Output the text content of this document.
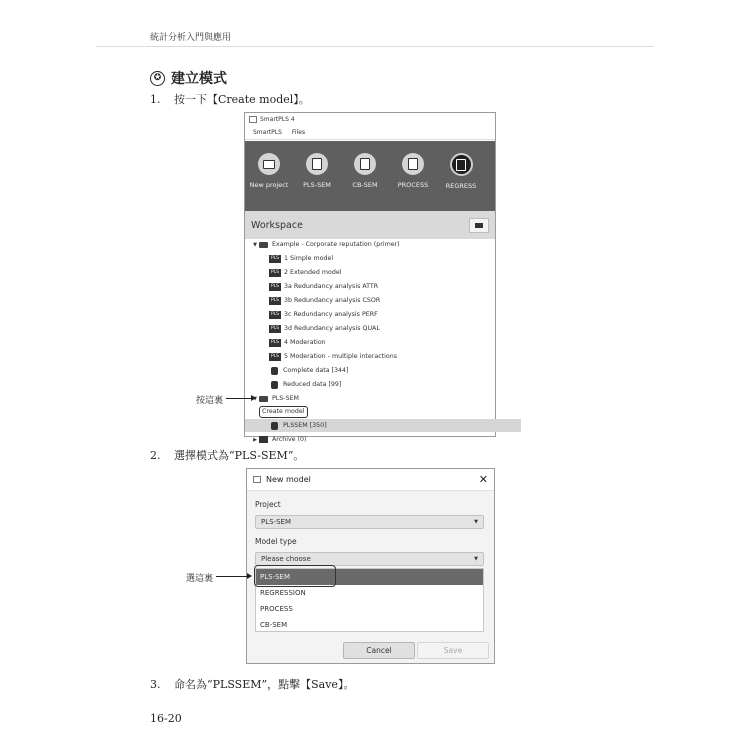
統計分析入門與應用
✪ 建立模式
1. 按一下【Create model】。
SmartPLS 4
SmartPLS Files
New project PLS-SEM	CB-SEM	PROCESS	REGRESS
Workspace
▼	Example - Corporate reputation (primer)
PLS 1 Simple model
PLS 2 Extended model
PLS 3a Redundancy analysis ATTR
PLS 3b Redundancy analysis CSOR
PLS 3c Redundancy analysis PERF
PLS 3d Redundancy analysis QUAL
PLS 4 Moderation
PLS 5 Moderation - multiple interactions
Complete data [344]
Reduced data [99]
▼	PLS-SEM
Create model
PLSSEM [350]
▶	Archive (0)
按這裏
2. 選擇模式為“PLS-SEM”。
New model	✕
Project
PLS-SEM	▼
Model type
Please choose	▼
PLS-SEM
REGRESSION
PROCESS
CB-SEM
Cancel	Save
選這裏
3. 命名為“PLSSEM”，點擊【Save】。
16-20
